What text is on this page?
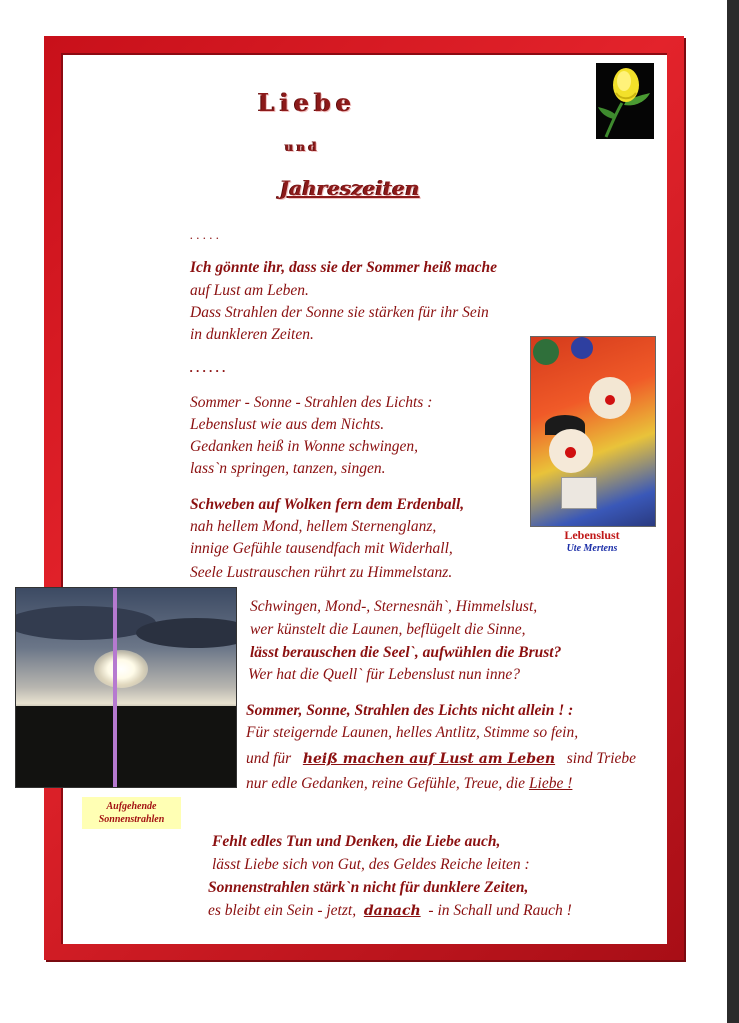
Liebe
und
Jahreszeiten
. . . . .
Ich gönnte ihr, dass sie der Sommer heiß mache
auf Lust am Leben.
Dass Strahlen der Sonne sie stärken für ihr Sein
in dunkleren Zeiten.
. . . . . .
Sommer - Sonne - Strahlen des Lichts :
Lebenslust wie aus dem Nichts.
Gedanken heiß in Wonne schwingen,
lass`n springen, tanzen, singen.
Schweben auf Wolken fern dem Erdenball,
nah hellem Mond, hellem Sternenglanz,
innige Gefühle tausendfach mit Widerhall,
Seele Lustrauschen rührt zu Himmelstanz.
Lebenslust
Ute Mertens
Aufgehende
Sonnenstrahlen
Schwingen, Mond-, Sternesnäh`, Himmelslust,
wer künstelt die Launen, beflügelt die Sinne,
lässt berauschen die Seel`, aufwühlen die Brust?
Wer hat die Quell` für Lebenslust nun inne?
Sommer, Sonne, Strahlen des Lichts nicht allein ! :
Für steigernde Launen, helles Antlitz, Stimme so fein,
und für heiß machen auf Lust am Leben sind Triebe
nur edle Gedanken, reine Gefühle, Treue, die Liebe !
Fehlt edles Tun und Denken, die Liebe auch,
lässt Liebe sich von Gut, des Geldes Reiche leiten :
Sonnenstrahlen stärk`n nicht für dunklere Zeiten,
es bleibt ein Sein - jetzt, danach - in Schall und Rauch !
